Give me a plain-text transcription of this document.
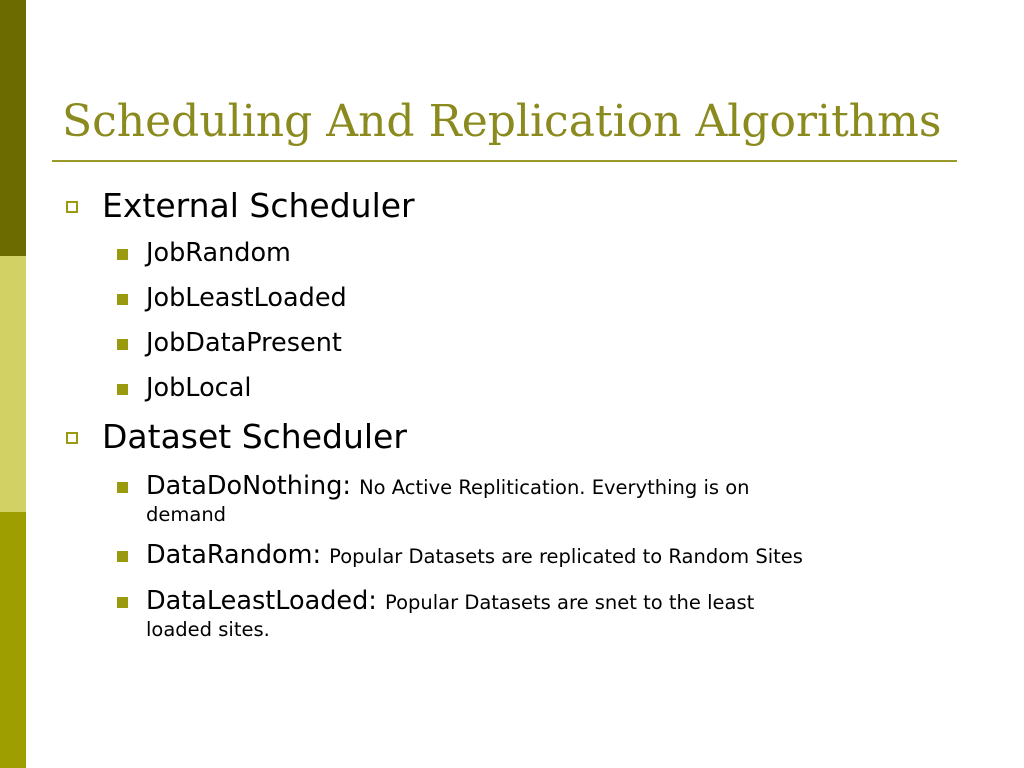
Scheduling And Replication Algorithms
External Scheduler
JobRandom
JobLeastLoaded
JobDataPresent
JobLocal
Dataset Scheduler
DataDoNothing: No Active Replitication. Everything is on
demand
DataRandom: Popular Datasets are replicated to Random Sites
DataLeastLoaded: Popular Datasets are snet to the least
loaded sites.
